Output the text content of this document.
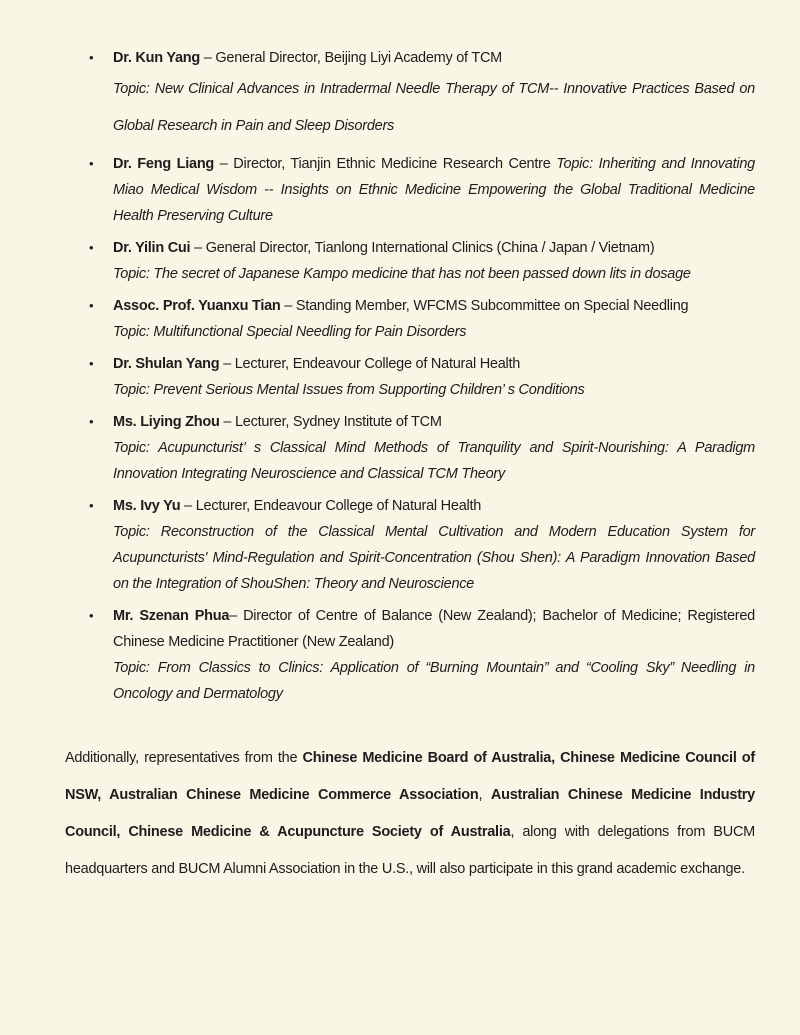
• Dr. Kun Yang – General Director, Beijing Liyi Academy of TCM
Topic: New Clinical Advances in Intradermal Needle Therapy of TCM-- Innovative Practices Based on Global Research in Pain and Sleep Disorders
• Dr. Feng Liang – Director, Tianjin Ethnic Medicine Research Centre Topic: Inheriting and Innovating Miao Medical Wisdom -- Insights on Ethnic Medicine Empowering the Global Traditional Medicine Health Preserving Culture
• Dr. Yilin Cui – General Director, Tianlong International Clinics (China / Japan / Vietnam)
Topic: The secret of Japanese Kampo medicine that has not been passed down lits in dosage
• Assoc. Prof. Yuanxu Tian – Standing Member, WFCMS Subcommittee on Special Needling
Topic: Multifunctional Special Needling for Pain Disorders
• Dr. Shulan Yang – Lecturer, Endeavour College of Natural Health
Topic: Prevent Serious Mental Issues from Supporting Children’ s Conditions
• Ms. Liying Zhou – Lecturer, Sydney Institute of TCM
Topic: Acupuncturist’ s Classical Mind Methods of Tranquility and Spirit-Nourishing: A Paradigm Innovation Integrating Neuroscience and Classical TCM Theory
• Ms. Ivy Yu – Lecturer, Endeavour College of Natural Health
Topic: Reconstruction of the Classical Mental Cultivation and Modern Education System for Acupuncturists' Mind-Regulation and Spirit-Concentration (Shou Shen): A Paradigm Innovation Based on the Integration of ShouShen: Theory and Neuroscience
• Mr. Szenan Phua– Director of Centre of Balance (New Zealand); Bachelor of Medicine; Registered Chinese Medicine Practitioner (New Zealand)
Topic: From Classics to Clinics: Application of “Burning Mountain” and “Cooling Sky” Needling in Oncology and Dermatology

Additionally, representatives from the Chinese Medicine Board of Australia, Chinese Medicine Council of NSW, Australian Chinese Medicine Commerce Association, Australian Chinese Medicine Industry Council, Chinese Medicine & Acupuncture Society of Australia, along with delegations from BUCM headquarters and BUCM Alumni Association in the U.S., will also participate in this grand academic exchange.
